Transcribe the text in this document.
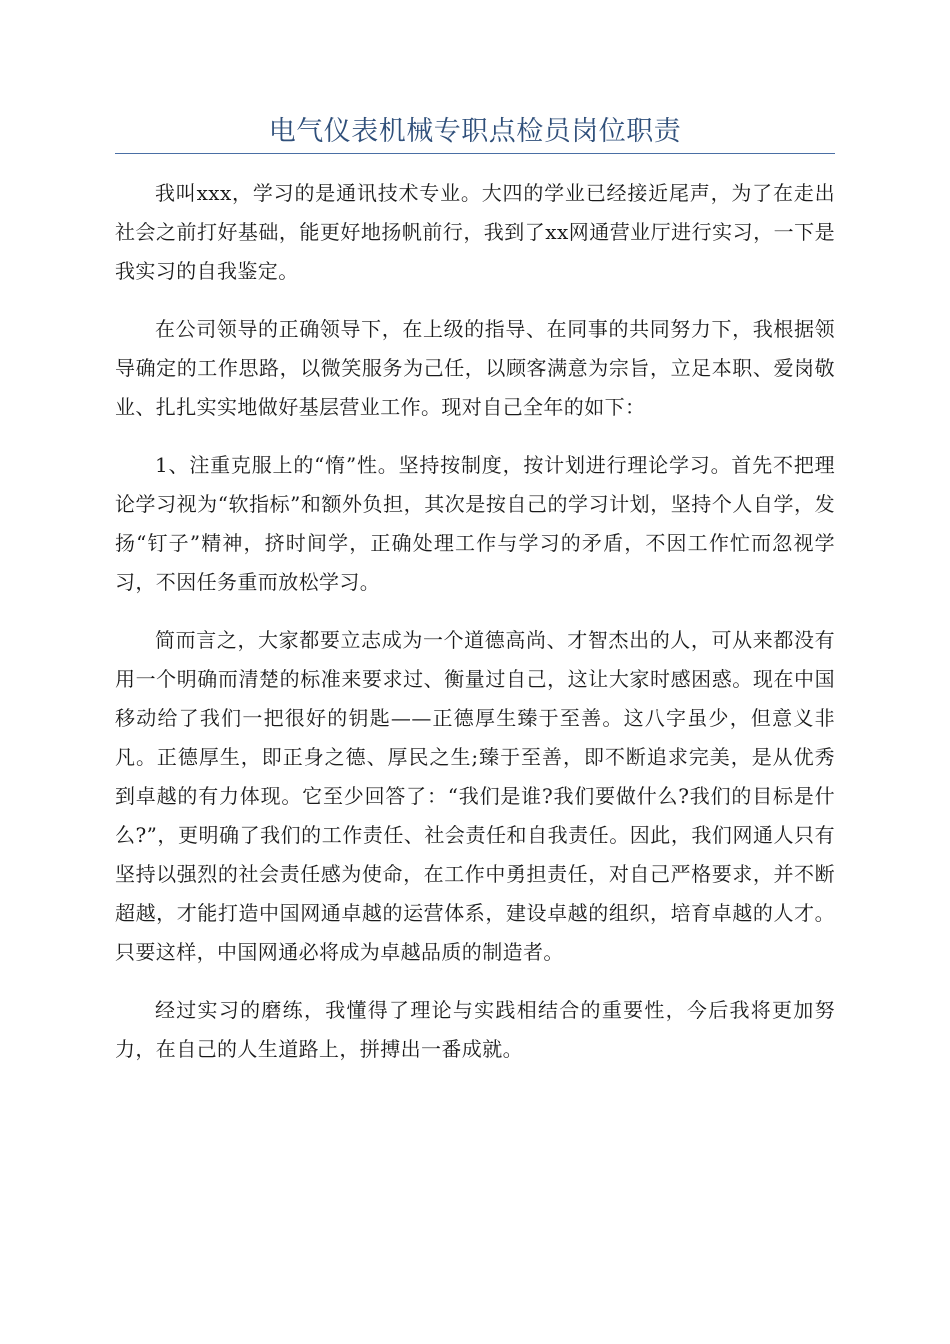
电气仪表机械专职点检员岗位职责

我叫xxx，学习的是通讯技术专业。大四的学业已经接近尾声，为了在走出社会之前打好基础，能更好地扬帆前行，我到了xx网通营业厅进行实习，一下是我实习的自我鉴定。

在公司领导的正确领导下，在上级的指导、在同事的共同努力下，我根据领导确定的工作思路，以微笑服务为己任，以顾客满意为宗旨，立足本职、爱岗敬业、扎扎实实地做好基层营业工作。现对自己全年的如下：

1、注重克服上的“惰”性。坚持按制度，按计划进行理论学习。首先不把理论学习视为“软指标”和额外负担，其次是按自己的学习计划，坚持个人自学，发扬“钉子”精神，挤时间学，正确处理工作与学习的矛盾，不因工作忙而忽视学习，不因任务重而放松学习。

简而言之，大家都要立志成为一个道德高尚、才智杰出的人，可从来都没有用一个明确而清楚的标准来要求过、衡量过自己，这让大家时感困惑。现在中国移动给了我们一把很好的钥匙——正德厚生臻于至善。这八字虽少，但意义非凡。正德厚生，即正身之德、厚民之生;臻于至善，即不断追求完美，是从优秀到卓越的有力体现。它至少回答了：“我们是谁?我们要做什么?我们的目标是什么?”，更明确了我们的工作责任、社会责任和自我责任。因此，我们网通人只有坚持以强烈的社会责任感为使命，在工作中勇担责任，对自己严格要求，并不断超越，才能打造中国网通卓越的运营体系，建设卓越的组织，培育卓越的人才。只要这样，中国网通必将成为卓越品质的制造者。

经过实习的磨练，我懂得了理论与实践相结合的重要性，今后我将更加努力，在自己的人生道路上，拼搏出一番成就。
